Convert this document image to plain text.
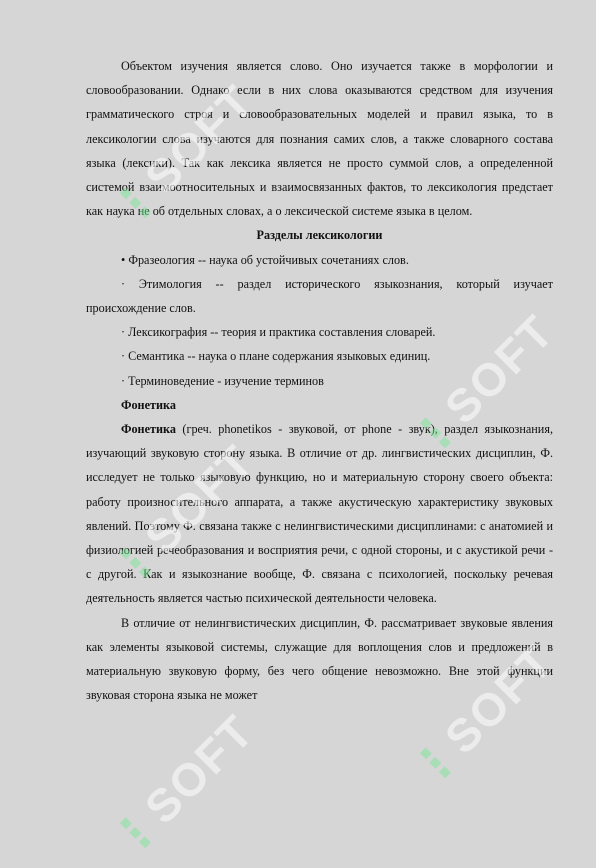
Объектом изучения является слово. Оно изучается также в морфологии и словообразовании. Однако если в них слова оказываются средством для изучения грамматического строя и словообразовательных моделей и правил языка, то в лексикологии слова изучаются для познания самих слов, а также словарного состава языка (лексики). Так как лексика является не просто суммой слов, а определенной системой взаимоотносительных и взаимосвязанных фактов, то лексикология предстает как наука не об отдельных словах, а о лексической системе языка в целом.

Разделы лексикологии

• Фразеология -- наука об устойчивых сочетаниях слов.

· Этимология -- раздел исторического языкознания, который изучает происхождение слов.

· Лексикография -- теория и практика составления словарей.

· Семантика -- наука о плане содержания языковых единиц.

· Терминоведение - изучение терминов

Фонетика

Фонетика (греч. phonetikos - звуковой, от phone - звук), раздел языкознания, изучающий звуковую сторону языка. В отличие от др. лингвистических дисциплин, Ф. исследует не только языковую функцию, но и материальную сторону своего объекта: работу произносительного аппарата, а также акустическую характеристику звуковых явлений. Поэтому Ф. связана также с нелингвистическими дисциплинами: с анатомией и физиологией речеобразования и восприятия речи, с одной стороны, и с акустикой речи - с другой. Как и языкознание вообще, Ф. связана с психологией, поскольку речевая деятельность является частью психической деятельности человека.

В отличие от нелингвистических дисциплин, Ф. рассматривает звуковые явления как элементы языковой системы, служащие для воплощения слов и предложений в материальную звуковую форму, без чего общение невозможно. Вне этой функции звуковая сторона языка не может

⋮SOFT
⋮SOFT
⋮SOFT
⋮SOFT
⋮SOFT
